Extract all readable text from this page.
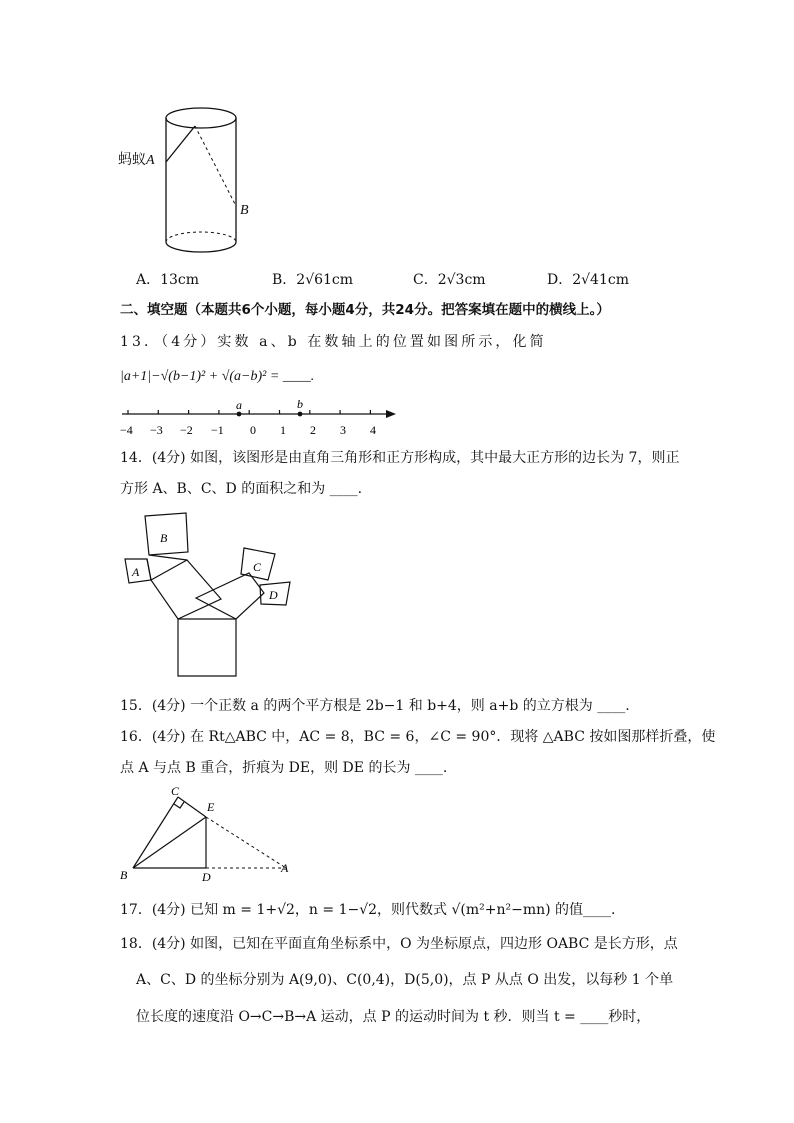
蚂蚁A
B
A．13cm	B．2√61cm	C．2√3cm	D．2√41cm
二、填空题（本题共6个小题，每小题4分，共24分。把答案填在题中的横线上。）
13．（4分）实数 a、b 在数轴上的位置如图所示，化简
|a+1|−√(b−1)² + √(a−b)² = ____.
a	b
−4 −3 −2 −1 0 1 2 3 4
14．(4分) 如图，该图形是由直角三角形和正方形构成，其中最大正方形的边长为 7，则正
方形 A、B、C、D 的面积之和为 ____.
A
B
C
D
15．(4分) 一个正数 a 的两个平方根是 2b−1 和 b+4，则 a+b 的立方根为 ____.
16．(4分) 在 Rt△ABC 中，AC = 8，BC = 6，∠C = 90°．现将 △ABC 按如图那样折叠，使
点 A 与点 B 重合，折痕为 DE，则 DE 的长为 ____.
C
E
B	D
A
17．(4分) 已知 m = 1+√2，n = 1−√2，则代数式 √(m²+n²−mn) 的值____.
18．(4分) 如图，已知在平面直角坐标系中，O 为坐标原点，四边形 OABC 是长方形，点
A、C、D 的坐标分别为 A(9,0)、C(0,4)，D(5,0)，点 P 从点 O 出发，以每秒 1 个单
位长度的速度沿 O→C→B→A 运动，点 P 的运动时间为 t 秒．则当 t = ____秒时，
